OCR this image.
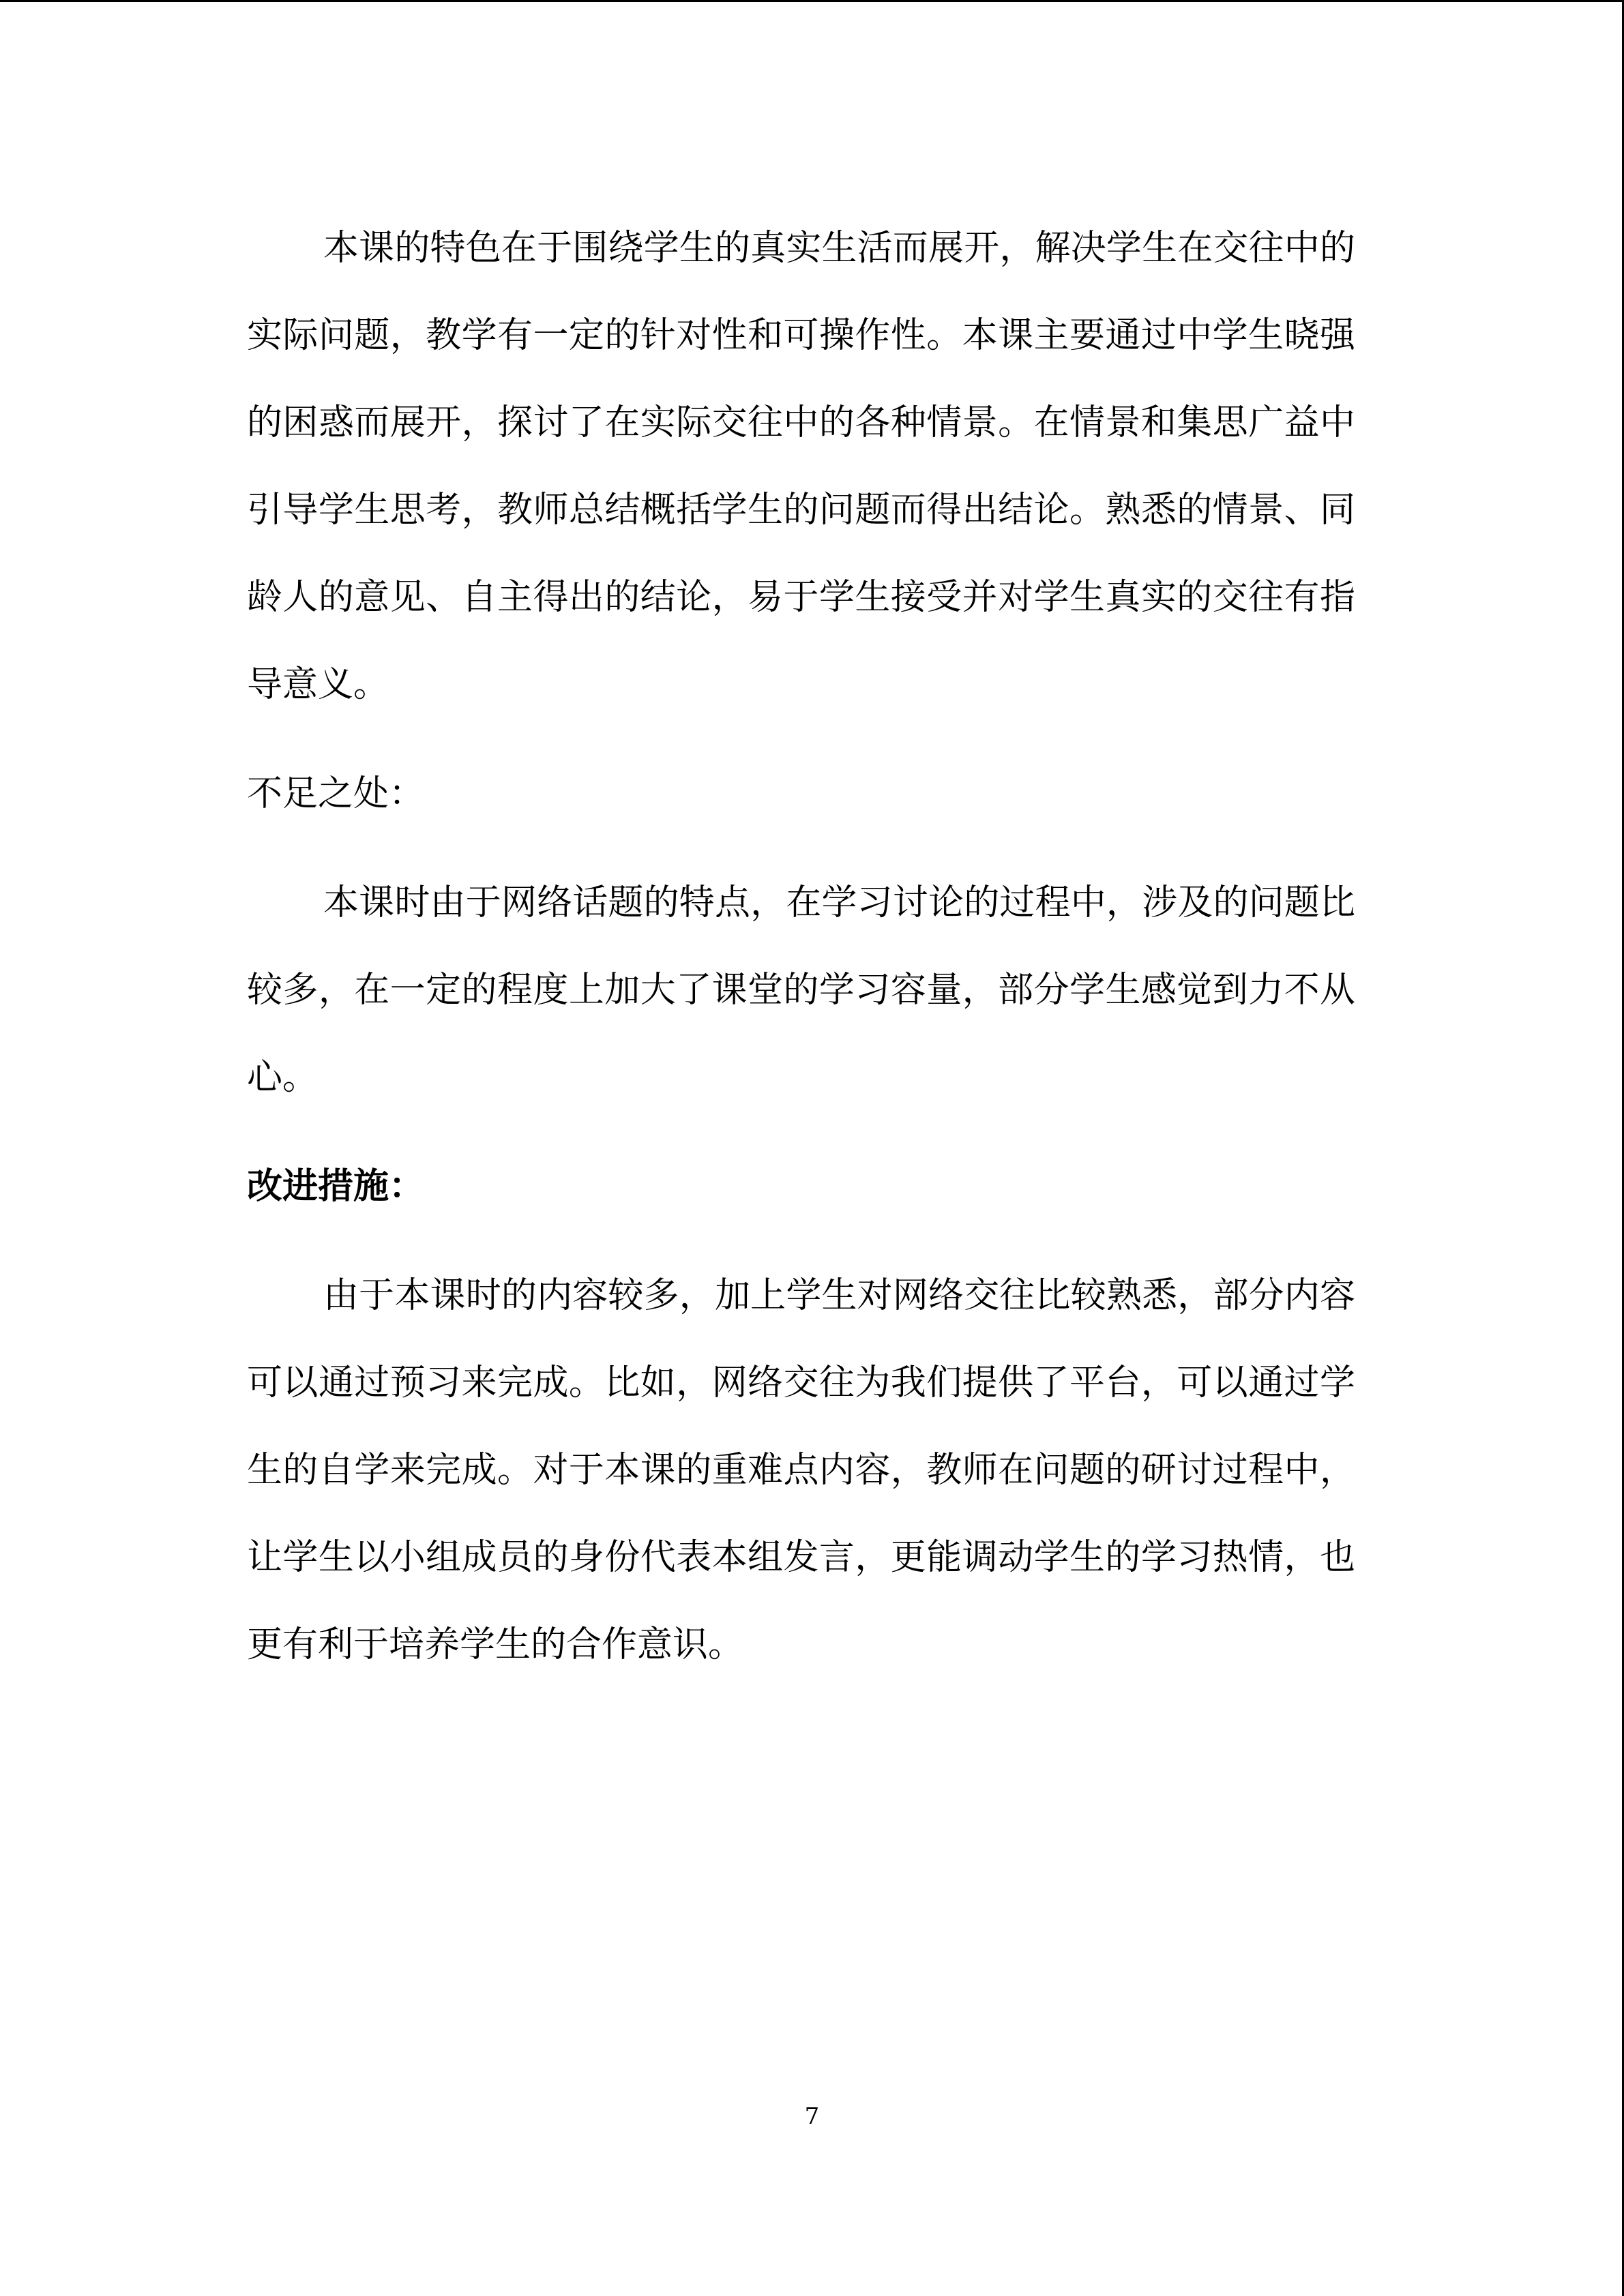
本课的特色在于围绕学生的真实生活而展开，解决学生在交往中的实际问题，教学有一定的针对性和可操作性。本课主要通过中学生晓强的困惑而展开，探讨了在实际交往中的各种情景。在情景和集思广益中引导学生思考，教师总结概括学生的问题而得出结论。熟悉的情景、同龄人的意见、自主得出的结论，易于学生接受并对学生真实的交往有指导意义。

不足之处：

本课时由于网络话题的特点，在学习讨论的过程中，涉及的问题比较多，在一定的程度上加大了课堂的学习容量，部分学生感觉到力不从心。

改进措施：

由于本课时的内容较多，加上学生对网络交往比较熟悉，部分内容可以通过预习来完成。比如，网络交往为我们提供了平台，可以通过学生的自学来完成。对于本课的重难点内容，教师在问题的研讨过程中，让学生以小组成员的身份代表本组发言，更能调动学生的学习热情，也更有利于培养学生的合作意识。

7
